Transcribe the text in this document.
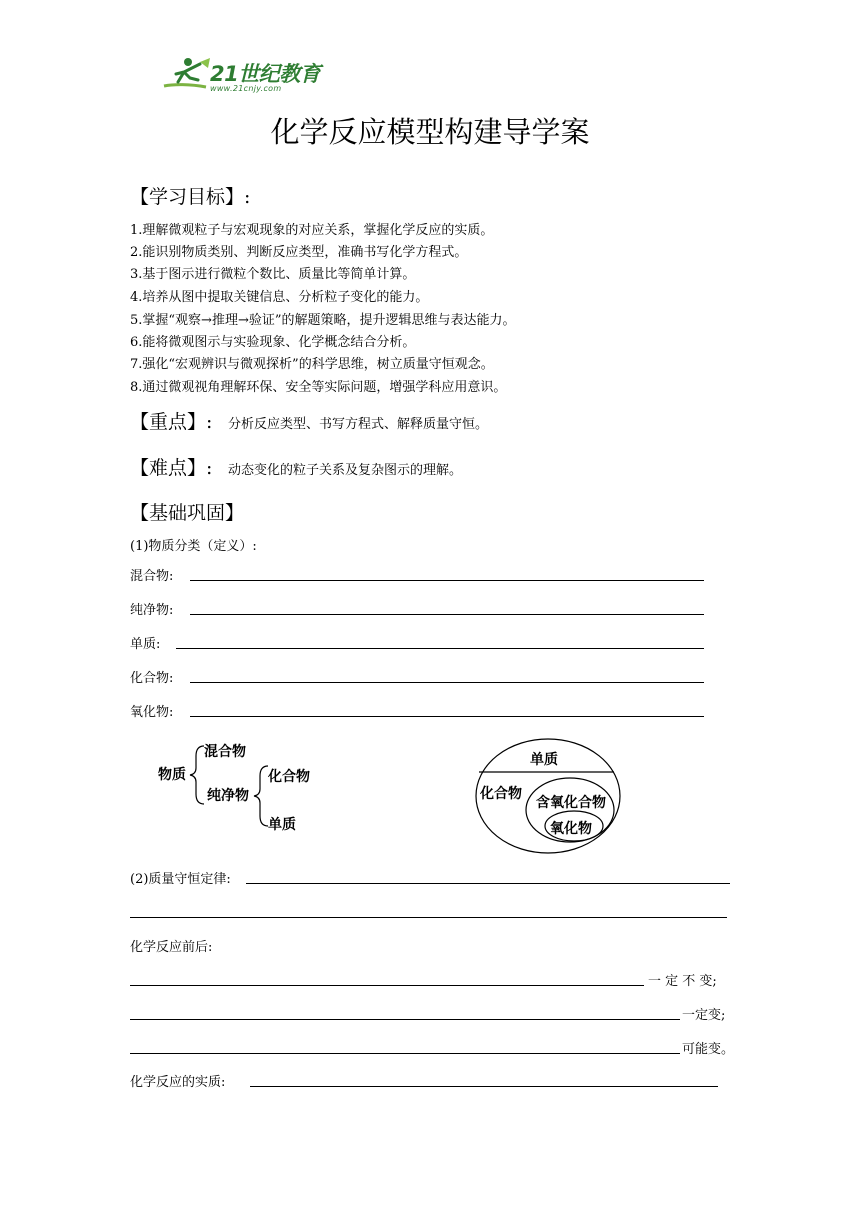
21世纪教育
www.21cnjy.com
化学反应模型构建导学案
【学习目标】:
1.理解微观粒子与宏观现象的对应关系，掌握化学反应的实质。
2.能识别物质类别、判断反应类型，准确书写化学方程式。
3.基于图示进行微粒个数比、质量比等简单计算。
4.培养从图中提取关键信息、分析粒子变化的能力。
5.掌握“观察→推理→验证”的解题策略，提升逻辑思维与表达能力。
6.能将微观图示与实验现象、化学概念结合分析。
7.强化“宏观辨识与微观探析”的科学思维，树立质量守恒观念。
8.通过微观视角理解环保、安全等实际问题，增强学科应用意识。
【重点】: 分析反应类型、书写方程式、解释质量守恒。
【难点】: 动态变化的粒子关系及复杂图示的理解。
【基础巩固】
(1)物质分类（定义）:
混合物:
纯净物:
单质:
化合物:
氧化物:
物质
混合物
纯净物
化合物
单质
单质
化合物
含氧化合物
氧化物
(2)质量守恒定律:
化学反应前后:
一 定 不 变;
一定变;
可能变。
化学反应的实质:
